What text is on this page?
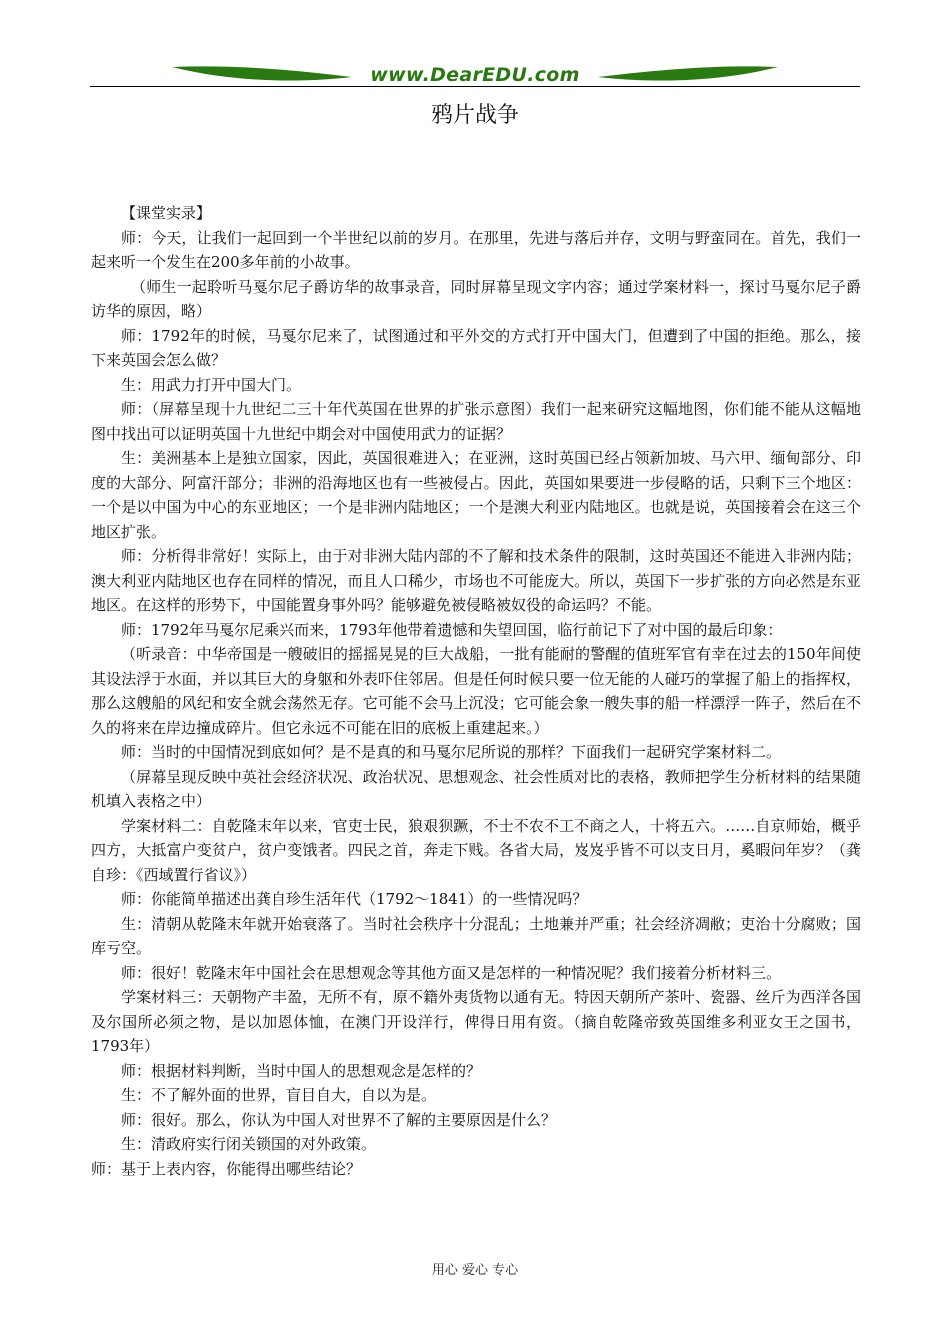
www.DearEDU.com
鸦片战争

【课堂实录】

师：今天，让我们一起回到一个半世纪以前的岁月。在那里，先进与落后并存，文明与野蛮同在。首先，我们一起来听一个发生在200多年前的小故事。

（师生一起聆听马戛尔尼子爵访华的故事录音，同时屏幕呈现文字内容；通过学案材料一，探讨马戛尔尼子爵访华的原因，略）

师：1792年的时候，马戛尔尼来了，试图通过和平外交的方式打开中国大门，但遭到了中国的拒绝。那么，接下来英国会怎么做？

生：用武力打开中国大门。

师：（屏幕呈现十九世纪二三十年代英国在世界的扩张示意图）我们一起来研究这幅地图，你们能不能从这幅地图中找出可以证明英国十九世纪中期会对中国使用武力的证据？

生：美洲基本上是独立国家，因此，英国很难进入；在亚洲，这时英国已经占领新加坡、马六甲、缅甸部分、印度的大部分、阿富汗部分；非洲的沿海地区也有一些被侵占。因此，英国如果要进一步侵略的话，只剩下三个地区：一个是以中国为中心的东亚地区；一个是非洲内陆地区；一个是澳大利亚内陆地区。也就是说，英国接着会在这三个地区扩张。

师：分析得非常好！实际上，由于对非洲大陆内部的不了解和技术条件的限制，这时英国还不能进入非洲内陆；澳大利亚内陆地区也存在同样的情况，而且人口稀少，市场也不可能庞大。所以，英国下一步扩张的方向必然是东亚地区。在这样的形势下，中国能置身事外吗？能够避免被侵略被奴役的命运吗？不能。

师：1792年马戛尔尼乘兴而来，1793年他带着遗憾和失望回国，临行前记下了对中国的最后印象：

（听录音：中华帝国是一艘破旧的摇摇晃晃的巨大战船，一批有能耐的警醒的值班军官有幸在过去的150年间使其设法浮于水面，并以其巨大的身躯和外表吓住邻居。但是任何时候只要一位无能的人碰巧的掌握了船上的指挥权，那么这艘船的风纪和安全就会荡然无存。它可能不会马上沉没；它可能会象一艘失事的船一样漂浮一阵子，然后在不久的将来在岸边撞成碎片。但它永远不可能在旧的底板上重建起来。）

师：当时的中国情况到底如何？是不是真的和马戛尔尼所说的那样？下面我们一起研究学案材料二。

（屏幕呈现反映中英社会经济状况、政治状况、思想观念、社会性质对比的表格，教师把学生分析材料的结果随机填入表格之中）

学案材料二：自乾隆末年以来，官吏士民，狼艰狈蹶，不士不农不工不商之人，十将五六。……自京师始，概乎四方，大抵富户变贫户，贫户变饿者。四民之首，奔走下贱。各省大局，岌岌乎皆不可以支日月，奚暇问年岁？（龚自珍：《西域置行省议》）

师：你能简单描述出龚自珍生活年代（1792～1841）的一些情况吗？

生：清朝从乾隆末年就开始衰落了。当时社会秩序十分混乱；土地兼并严重；社会经济凋敝；吏治十分腐败；国库亏空。

师：很好！乾隆末年中国社会在思想观念等其他方面又是怎样的一种情况呢？我们接着分析材料三。

学案材料三：天朝物产丰盈，无所不有，原不籍外夷货物以通有无。特因天朝所产茶叶、瓷器、丝斤为西洋各国及尔国所必须之物，是以加恩体恤，在澳门开设洋行，俾得日用有资。（摘自乾隆帝致英国维多利亚女王之国书，1793年）

师：根据材料判断，当时中国人的思想观念是怎样的？

生：不了解外面的世界，盲目自大，自以为是。

师：很好。那么，你认为中国人对世界不了解的主要原因是什么？

生：清政府实行闭关锁国的对外政策。

师：基于上表内容，你能得出哪些结论？

用心 爱心 专心
